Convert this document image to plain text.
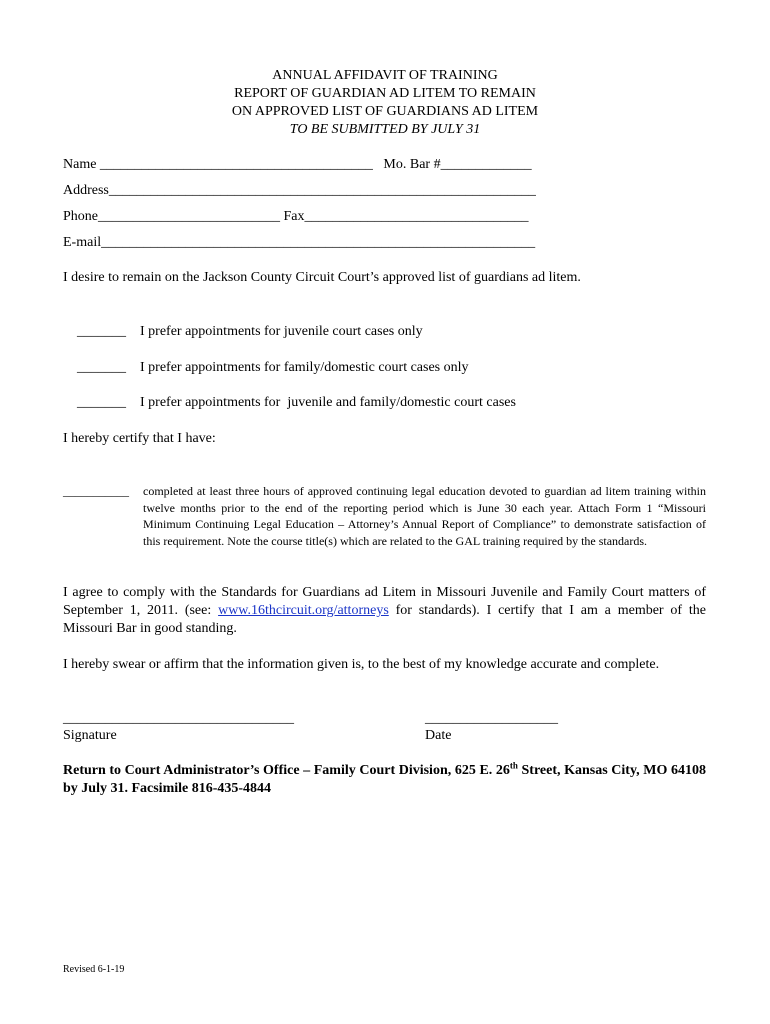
ANNUAL AFFIDAVIT OF TRAINING
REPORT OF GUARDIAN AD LITEM TO REMAIN
ON APPROVED LIST OF GUARDIANS AD LITEM
TO BE SUBMITTED BY JULY 31
Name _______________________________________   Mo. Bar #_____________
Address_____________________________________________________________
Phone__________________________ Fax________________________________
E-mail______________________________________________________________
I desire to remain on the Jackson County Circuit Court’s approved list of guardians ad litem.

_______ I prefer appointments for juvenile court cases only

_______ I prefer appointments for family/domestic court cases only

_______ I prefer appointments for  juvenile and family/domestic court cases

I hereby certify that I have:
___________ completed at least three hours of approved continuing legal education devoted to guardian ad litem training within twelve months prior to the end of the reporting period which is June 30 each year. Attach Form 1 “Missouri Minimum Continuing Legal Education – Attorney’s Annual Report of Compliance” to demonstrate satisfaction of this requirement. Note the course title(s) which are related to the GAL training required by the standards.
I agree to comply with the Standards for Guardians ad Litem in Missouri Juvenile and Family Court matters of September 1, 2011. (see: www.16thcircuit.org/attorneys for standards). I certify that I am a member of the Missouri Bar in good standing.
I hereby swear or affirm that the information given is, to the best of my knowledge accurate and complete.
_________________________________
Signature
___________________
Date
Return to Court Administrator’s Office – Family Court Division, 625 E. 26th Street, Kansas City, MO 64108 by July 31. Facsimile 816-435-4844
Revised 6-1-19
